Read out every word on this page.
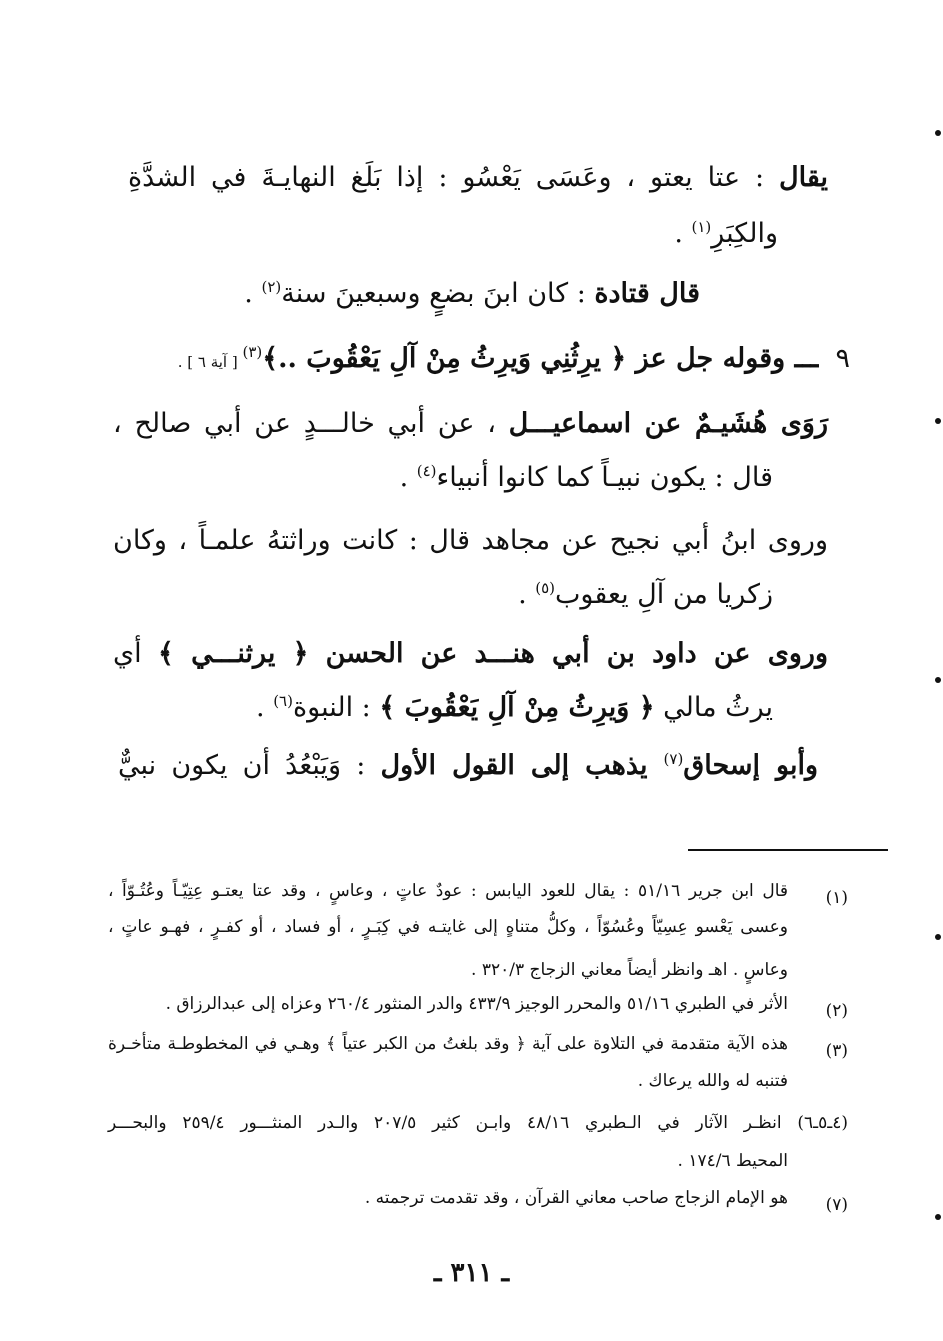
يقال : عتا يعتو ، وعَسَى يَعْسُو : إذا بَلَغ النهايـةَ في الشدَّةِ
والكِبَرِ$^{(١)}$ .
قال قتادة : كان ابنَ بضعٍ وسبعينَ سنة$^{(٢)}$ .
٩  ـــ وقوله جل عز ﴿ يرِثُنِي وَيرِثُ مِنْ آلِ يَعْقُوبَ ..﴾$^{(٣)}$ [ آية ٦ ] .
رَوَى هُشَيـمٌ عن اسماعيـــل ، عن أبي خالـــدٍ عن أبي صالح ،
قال : يكون نبيـاً كما كانوا أنبياء$^{(٤)}$ .
وروى ابنُ أبي نجيح عن مجاهد قال : كانت وراثتهُ علمـاً ، وكان
زكريا من آلِ يعقوب$^{(٥)}$ .
وروى عن داود بن أبي هنـــد عن الحسن ﴿ يرثنـــي ﴾ أي
يرثُ مالي ﴿ وَيرِثُ مِنْ آلِ يَعْقُوبَ ﴾ : النبوة$^{(٦)}$ .
وأبو إسحاق$^{(٧)}$ يذهب إلى القول الأول : وَيَبْعُدُ أن يكون نبيٌّ
(١)
قال ابن جرير ٥١/١٦ : يقال للعود اليابس : عودٌ عاتٍ ، وعاسٍ ، وقد عتا يعتـو عِتِيّـاً وعُتُـوّاً ،
وعسى يَعْسو عِسِيّاً وعُسُوّاً ، وكلُّ متناهٍ إلى غايتـه في كِبَـرٍ ، أو فساد ، أو كفـرٍ ، فهـو عاتٍ ،
وعاسٍ . اهـ وانظر أيضاً معاني الزجاج ٣٢٠/٣ .
(٢)
الأثر في الطبري ٥١/١٦ والمحرر الوجيز ٤٣٣/٩ والدر المنثور ٢٦٠/٤ وعزاه إلى عبدالرزاق .
(٣)
هذه الآية متقدمة في التلاوة على آية ﴿ وقد بلغتُ من الكبر عتياً ﴾ وهـي في المخطوطـة متأخـرة
فتنبه له والله يرعاك .
(٤ـ٥ـ٦) انظـر الآثار في الـطبري ٤٨/١٦ وابـن كثير ٢٠٧/٥ والـدر المنثـــور ٢٥٩/٤ والبحـــر
المحيط ١٧٤/٦ .
(٧)
هو الإمام الزجاج صاحب معاني القرآن ، وقد تقدمت ترجمته .
ـ ٣١١ ـ
